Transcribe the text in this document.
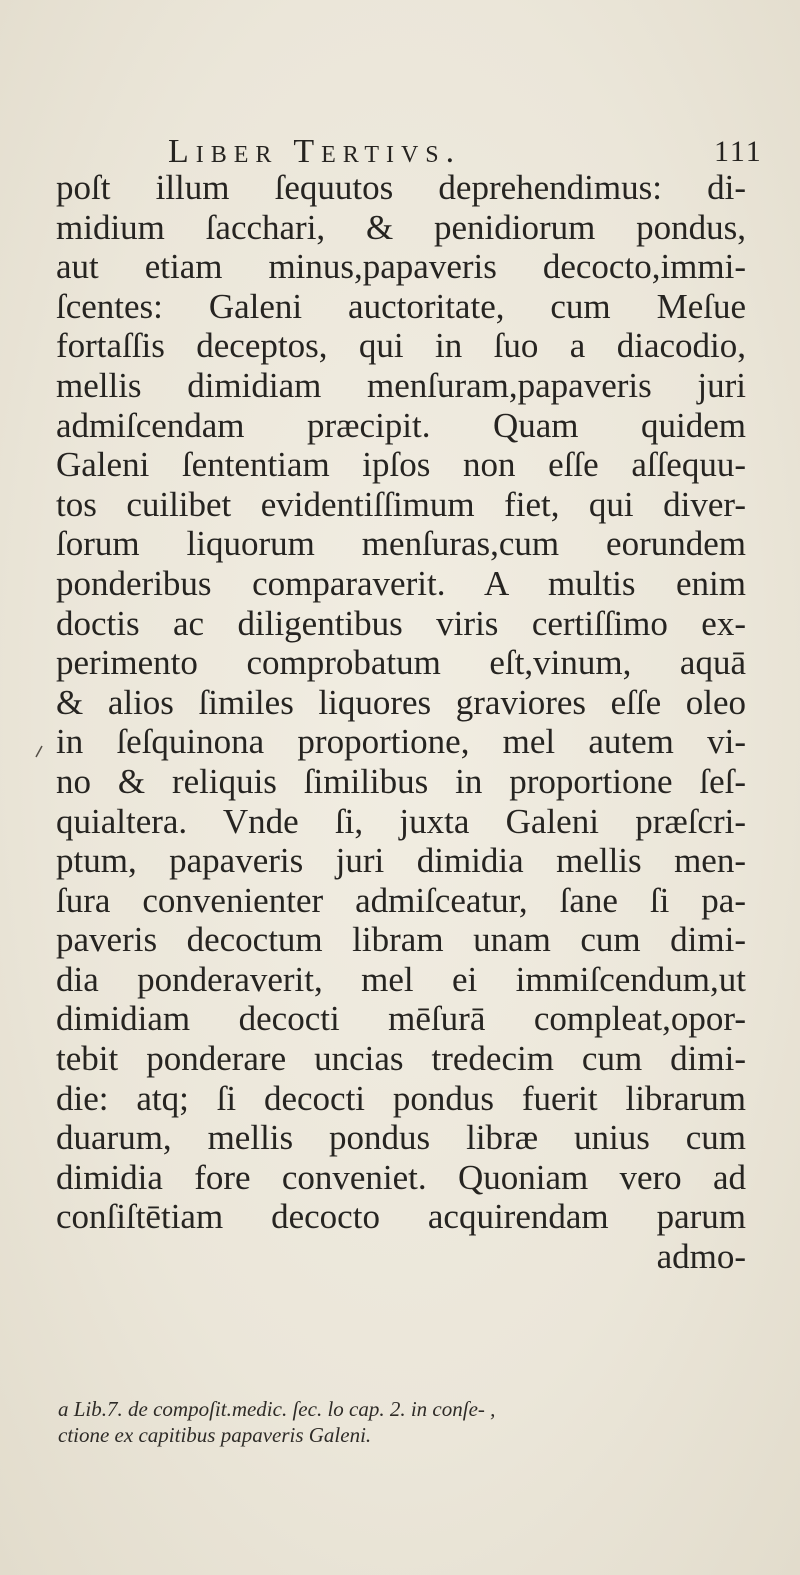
Liber Tertivs.	111
poſt illum ſequutos deprehendimus: di-
midium ſacchari, & penidiorum pondus,
aut etiam minus,papaveris decocto,immi-
ſcentes: Galeni auctoritate, cum Meſue
fortaſſis deceptos, qui in ſuo a diacodio,
mellis dimidiam menſuram,papaveris juri
admiſcendam præcipit. Quam quidem
Galeni ſententiam ipſos non eſſe aſſequu-
tos cuilibet evidentiſſimum fiet, qui diver-
ſorum liquorum menſuras,cum eorundem
ponderibus comparaverit. A multis enim
doctis ac diligentibus viris certiſſimo ex-
perimento comprobatum eſt,vinum, aquā
& alios ſimiles liquores graviores eſſe oleo
in ſeſquinona proportione, mel autem vi-
no & reliquis ſimilibus in proportione ſeſ-
quialtera. Vnde ſi, juxta Galeni præſcri-
ptum, papaveris juri dimidia mellis men-
ſura convenienter admiſceatur, ſane ſi pa-
paveris decoctum libram unam cum dimi-
dia ponderaverit, mel ei immiſcendum,ut
dimidiam decocti mēſurā compleat,opor-
tebit ponderare uncias tredecim cum dimi-
die: atq; ſi decocti pondus fuerit librarum
duarum, mellis pondus libræ unius cum
dimidia fore conveniet. Quoniam vero ad
conſiſtētiam decocto acquirendam parum
admo-
a Lib.7. de compoſit.medic. ſec. lo cap. 2. in conſe- ,
ctione ex capitibus papaveris Galeni.
